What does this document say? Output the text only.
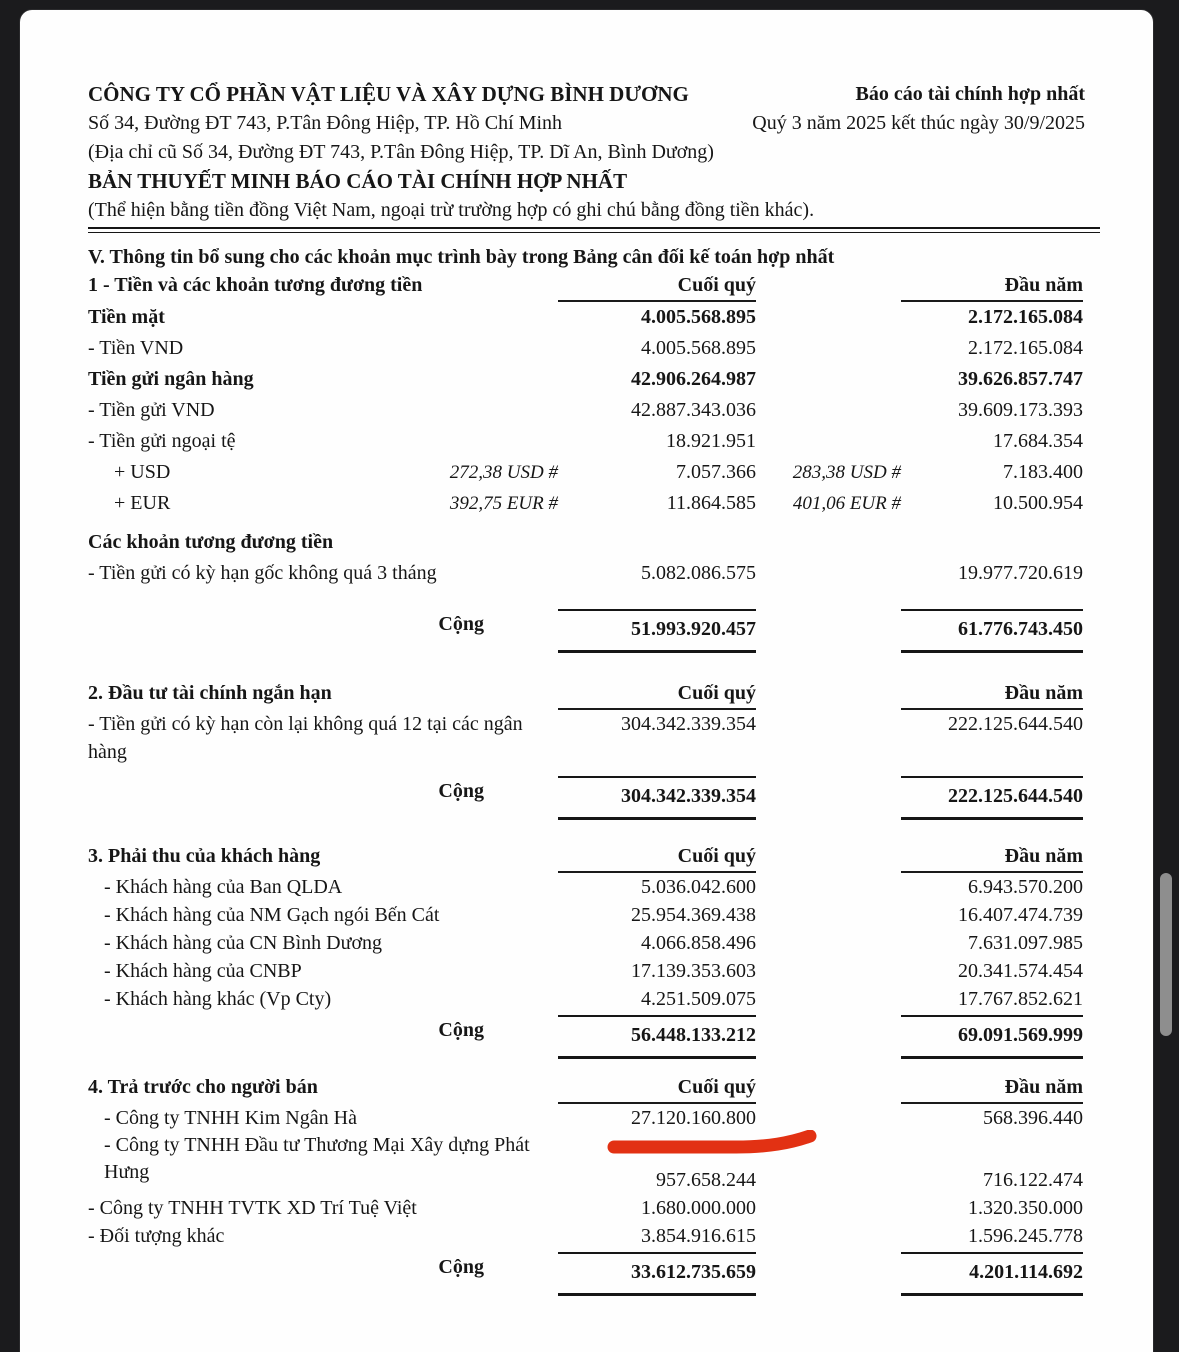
CÔNG TY CỔ PHẦN VẬT LIỆU VÀ XÂY DỰNG BÌNH DƯƠNG	Báo cáo tài chính hợp nhất
Số 34, Đường ĐT 743, P.Tân Đông Hiệp, TP. Hồ Chí Minh	Quý 3 năm 2025 kết thúc ngày 30/9/2025
(Địa chỉ cũ Số 34, Đường ĐT 743, P.Tân Đông Hiệp, TP. Dĩ An, Bình Dương)
BẢN THUYẾT MINH BÁO CÁO TÀI CHÍNH HỢP NHẤT
(Thể hiện bằng tiền đồng Việt Nam, ngoại trừ trường hợp có ghi chú bằng đồng tiền khác).
V. Thông tin bổ sung cho các khoản mục trình bày trong Bảng cân đối kế toán hợp nhất
1 - Tiền và các khoản tương đương tiền	Cuối quý	Đầu năm
Tiền mặt	4.005.568.895	2.172.165.084
- Tiền VND	4.005.568.895	2.172.165.084
Tiền gửi ngân hàng	42.906.264.987	39.626.857.747
- Tiền gửi VND	42.887.343.036	39.609.173.393
- Tiền gửi ngoại tệ	18.921.951	17.684.354
+ USD	272,38 USD #	7.057.366	283,38 USD #	7.183.400
+ EUR	392,75 EUR #	11.864.585	401,06 EUR #	10.500.954
Các khoản tương đương tiền
- Tiền gửi có kỳ hạn gốc không quá 3 tháng	5.082.086.575	19.977.720.619
Cộng	51.993.920.457	61.776.743.450
2. Đầu tư tài chính ngắn hạn	Cuối quý	Đầu năm
- Tiền gửi có kỳ hạn còn lại không quá 12 tại các ngân hàng
304.342.339.354	222.125.644.540
Cộng	304.342.339.354	222.125.644.540
3. Phải thu của khách hàng	Cuối quý	Đầu năm
- Khách hàng của Ban QLDA	5.036.042.600	6.943.570.200
- Khách hàng của NM Gạch ngói Bến Cát	25.954.369.438	16.407.474.739
- Khách hàng của CN Bình Dương	4.066.858.496	7.631.097.985
- Khách hàng của CNBP	17.139.353.603	20.341.574.454
- Khách hàng khác (Vp Cty)	4.251.509.075	17.767.852.621
Cộng	56.448.133.212	69.091.569.999
4. Trả trước cho người bán	Cuối quý	Đầu năm
- Công ty TNHH Kim Ngân Hà	27.120.160.800	568.396.440
- Công ty TNHH Đầu tư Thương Mại Xây dựng Phát Hưng	957.658.244	716.122.474
- Công ty TNHH TVTK XD Trí Tuệ Việt	1.680.000.000	1.320.350.000
- Đối tượng khác	3.854.916.615	1.596.245.778
Cộng	33.612.735.659	4.201.114.692
